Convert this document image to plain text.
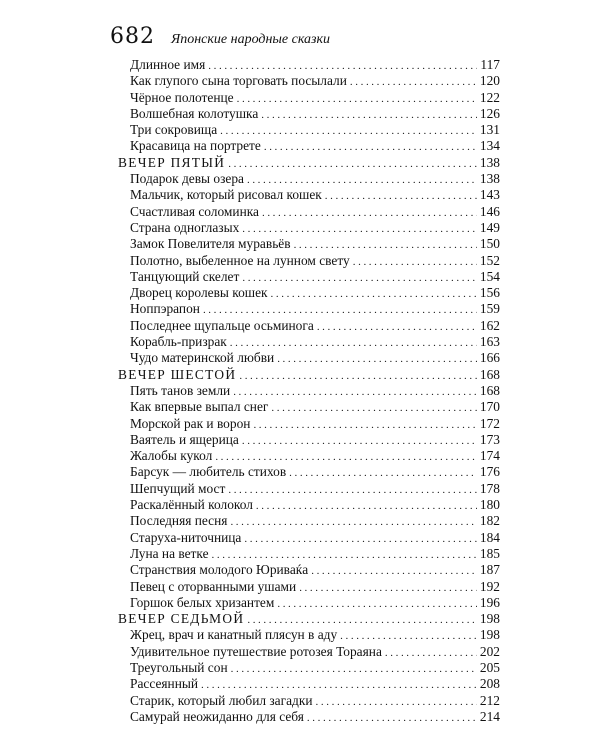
682 Японские народные сказки
Длинное имя .....	117
Как глупого сына торговать посылали .....	120
Чёрное полотенце .....	122
Волшебная колотушка .....	126
Три сокровища .....	131
Красавица на портрете .....	134
ВЕЧЕР ПЯТЫЙ .....	138
Подарок девы озера .....	138
Мальчик, который рисовал кошек .....	143
Счастливая соломинка .....	146
Страна одноглазых .....	149
Замок Повелителя муравьёв .....	150
Полотно, выбеленное на лунном свету .....	152
Танцующий скелет .....	154
Дворец королевы кошек .....	156
Ноппэрапон .....	159
Последнее щупальце осьминога .....	162
Корабль-призрак .....	163
Чудо материнской любви .....	166
ВЕЧЕР ШЕСТОЙ .....	168
Пять танов земли .....	168
Как впервые выпал снег .....	170
Морской рак и ворон .....	172
Ваятель и ящерица .....	173
Жалобы кукол .....	174
Барсук — любитель стихов .....	176
Шепчущий мост .....	178
Раскалённый колокол .....	180
Последняя песня .....	182
Старуха-ниточница .....	184
Луна на ветке .....	185
Странствия молодого Юриваќа .....	187
Певец с оторванными ушами .....	192
Горшок белых хризантем .....	196
ВЕЧЕР СЕДЬМОЙ .....	198
Жрец, врач и канатный плясун в аду .....	198
Удивительное путешествие ротозея Тораяна .....	202
Треугольный сон .....	205
Рассеянный .....	208
Старик, который любил загадки .....	212
Самурай неожиданно для себя .....	214
